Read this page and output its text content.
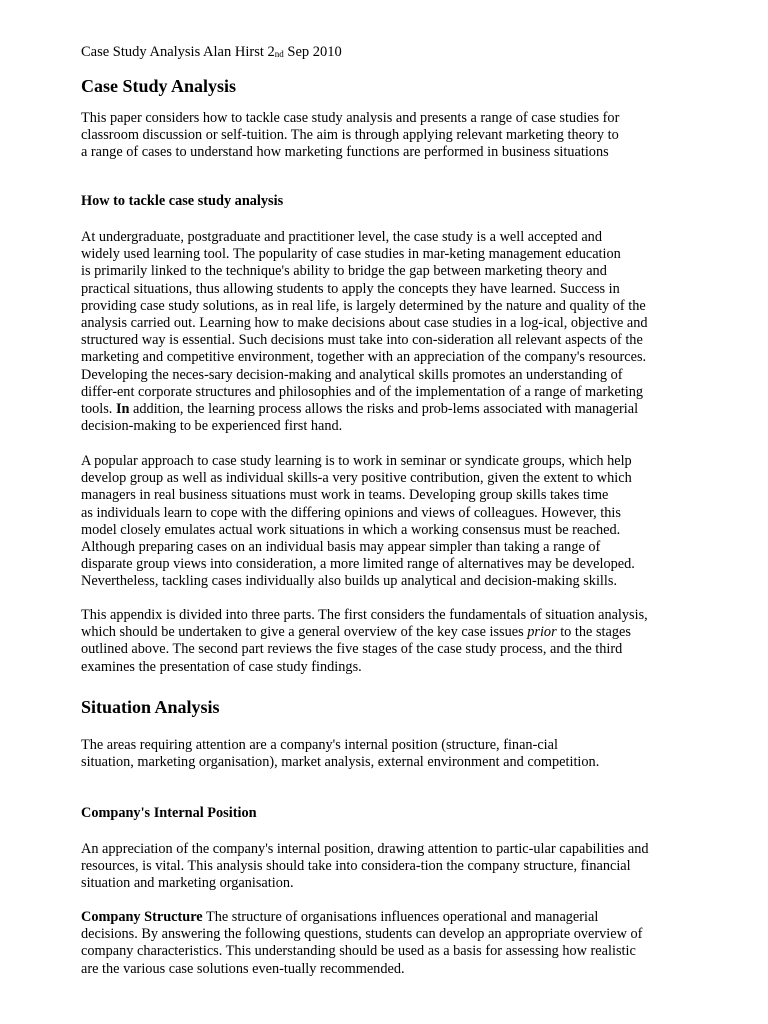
Case Study Analysis Alan Hirst $2_{nd}$ Sep 2010
Case Study Analysis
This paper considers how to tackle case study analysis and presents a range of case studies for
classroom discussion or self-tuition. The aim is through applying relevant marketing theory to
a range of cases to understand how marketing functions are performed in business situations
How to tackle case study analysis
At undergraduate, postgraduate and practitioner level, the case study is a well accepted and
widely used learning tool. The popularity of case studies in mar-keting management education
is primarily linked to the technique's ability to bridge the gap between marketing theory and
practical situations, thus allowing students to apply the concepts they have learned. Success in
providing case study solutions, as in real life, is largely determined by the nature and quality of the
analysis carried out. Learning how to make decisions about case studies in a log-ical, objective and
structured way is essential. Such decisions must take into con-sideration all relevant aspects of the
marketing and competitive environment, together with an appreciation of the company's resources.
Developing the neces-sary decision-making and analytical skills promotes an understanding of
differ-ent corporate structures and philosophies and of the implementation of a range of marketing
tools. In addition, the learning process allows the risks and prob-lems associated with managerial
decision-making to be experienced first hand.
A popular approach to case study learning is to work in seminar or syndicate groups, which help
develop group as well as individual skills-a very positive contribution, given the extent to which
managers in real business situations must work in teams. Developing group skills takes time
as individuals learn to cope with the differing opinions and views of colleagues. However, this
model closely emulates actual work situations in which a working consensus must be reached.
Although preparing cases on an individual basis may appear simpler than taking a range of
disparate group views into consideration, a more limited range of alternatives may be developed.
Nevertheless, tackling cases individually also builds up analytical and decision-making skills.
This appendix is divided into three parts. The first considers the fundamentals of situation analysis,
which should be undertaken to give a general overview of the key case issues prior to the stages
outlined above. The second part reviews the five stages of the case study process, and the third
examines the presentation of case study findings.
Situation Analysis
The areas requiring attention are a company's internal position (structure, finan-cial
situation, marketing organisation), market analysis, external environment and competition.
Company's Internal Position
An appreciation of the company's internal position, drawing attention to partic-ular capabilities and
resources, is vital. This analysis should take into considera-tion the company structure, financial
situation and marketing organisation.
Company Structure The structure of organisations influences operational and managerial
decisions. By answering the following questions, students can develop an appropriate overview of
company characteristics. This understanding should be used as a basis for assessing how realistic
are the various case solutions even-tually recommended.
